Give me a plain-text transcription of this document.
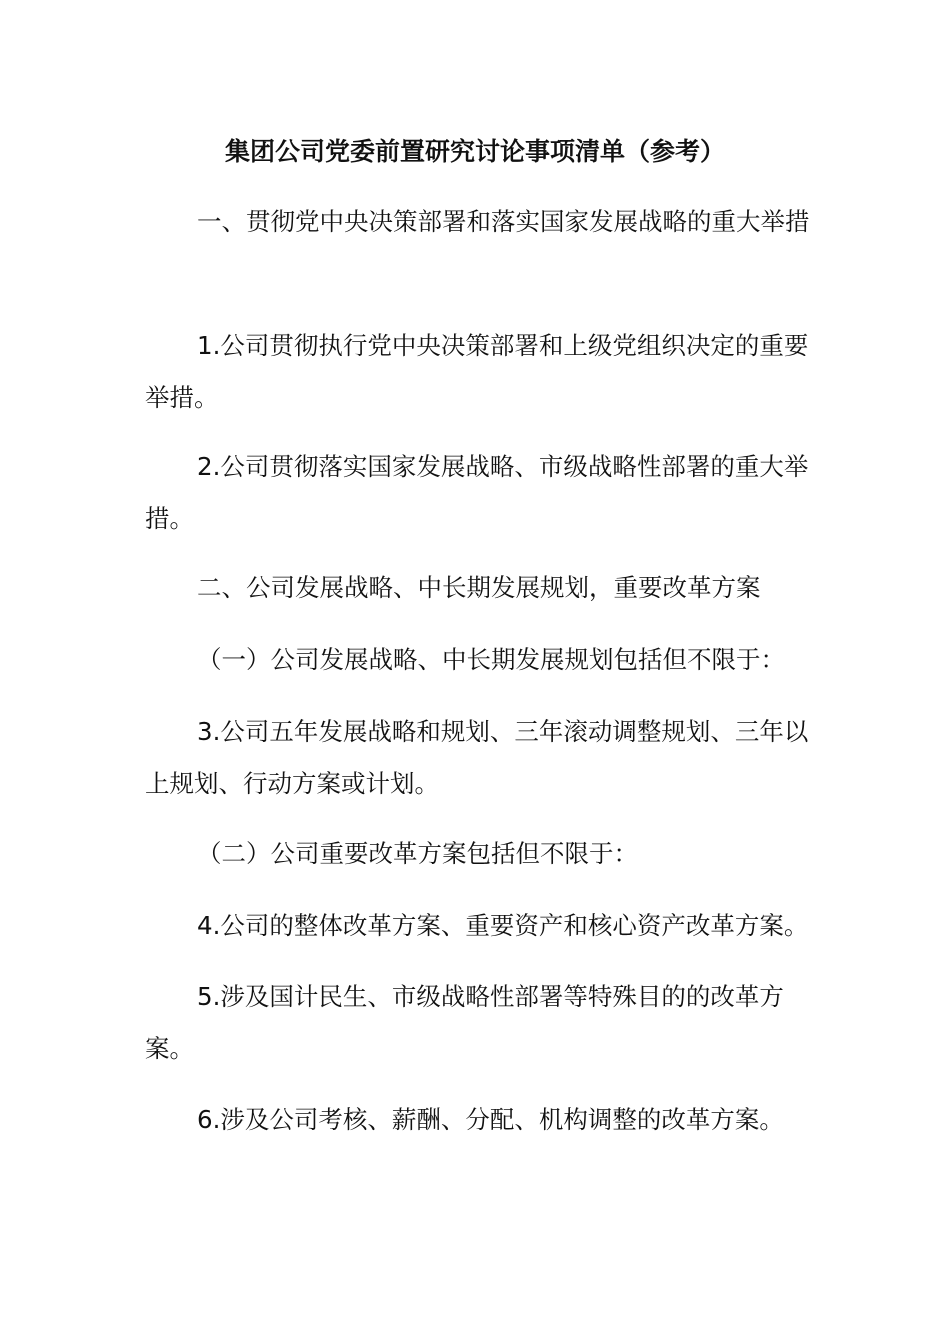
集团公司党委前置研究讨论事项清单（参考）

一、贯彻党中央决策部署和落实国家发展战略的重大举措

1.公司贯彻执行党中央决策部署和上级党组织决定的重要举措。

2.公司贯彻落实国家发展战略、市级战略性部署的重大举措。

二、公司发展战略、中长期发展规划，重要改革方案

（一）公司发展战略、中长期发展规划包括但不限于：

3.公司五年发展战略和规划、三年滚动调整规划、三年以上规划、行动方案或计划。

（二）公司重要改革方案包括但不限于：

4.公司的整体改革方案、重要资产和核心资产改革方案。

5.涉及国计民生、市级战略性部署等特殊目的的改革方案。

6.涉及公司考核、薪酬、分配、机构调整的改革方案。
